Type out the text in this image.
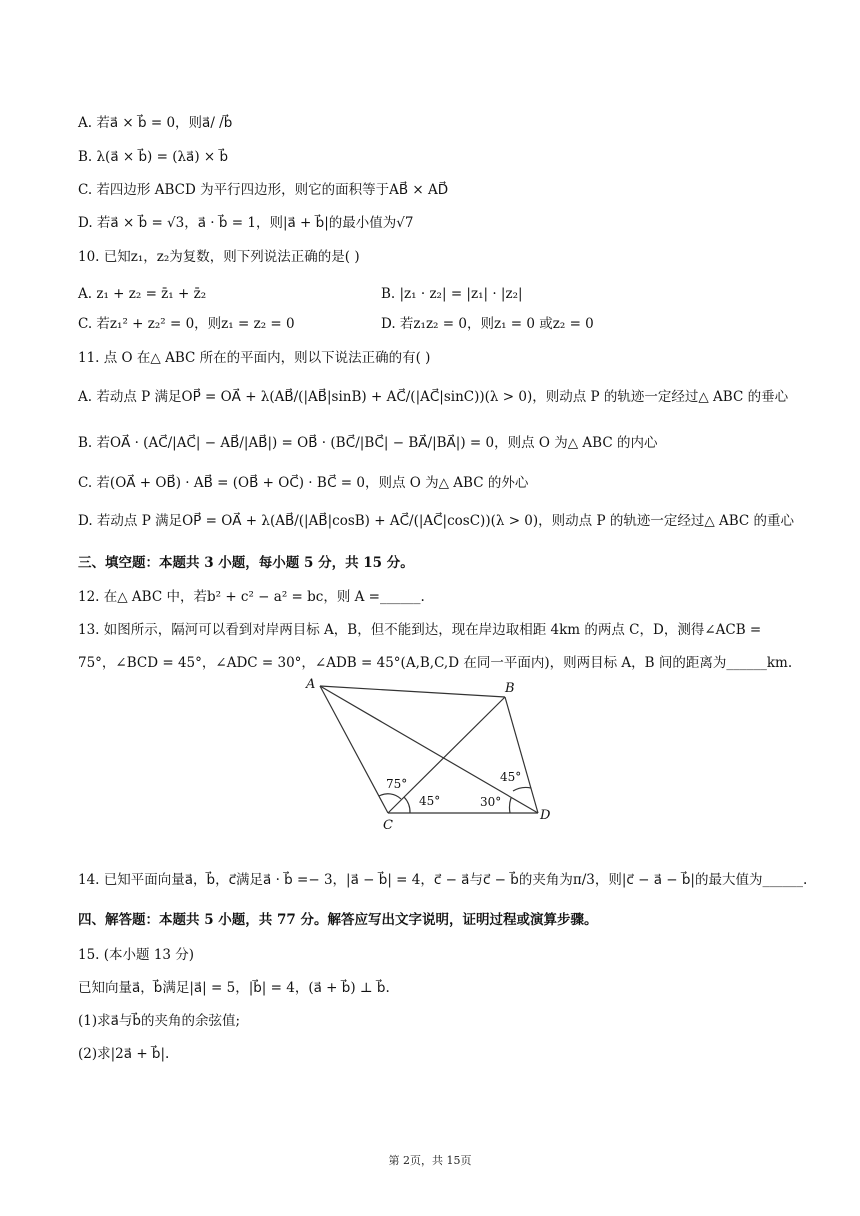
A. 若a⃗ × b⃗ = 0，则a⃗/ /b⃗
B. λ(a⃗ × b⃗) = (λa⃗) × b⃗
C. 若四边形 ABCD 为平行四边形，则它的面积等于AB⃗ × AD⃗
D. 若a⃗ × b⃗ = √3，a⃗ · b⃗ = 1，则|a⃗ + b⃗|的最小值为√7
10. 已知z₁，z₂为复数，则下列说法正确的是( )
A. z₁ + z₂ = z̄₁ + z̄₂	B. |z₁ · z₂| = |z₁| · |z₂|
C. 若z₁² + z₂² = 0，则z₁ = z₂ = 0	D. 若z₁z₂ = 0，则z₁ = 0 或z₂ = 0
11. 点 O 在△ ABC 所在的平面内，则以下说法正确的有( )
A. 若动点 P 满足OP⃗ = OA⃗ + λ(AB⃗/(|AB⃗|sinB) + AC⃗/(|AC⃗|sinC))(λ > 0)，则动点 P 的轨迹一定经过△ ABC 的垂心
B. 若OA⃗ · (AC⃗/|AC⃗| − AB⃗/|AB⃗|) = OB⃗ · (BC⃗/|BC⃗| − BA⃗/|BA⃗|) = 0，则点 O 为△ ABC 的内心
C. 若(OA⃗ + OB⃗) · AB⃗ = (OB⃗ + OC⃗) · BC⃗ = 0，则点 O 为△ ABC 的外心
D. 若动点 P 满足OP⃗ = OA⃗ + λ(AB⃗/(|AB⃗|cosB) + AC⃗/(|AC⃗|cosC))(λ > 0)，则动点 P 的轨迹一定经过△ ABC 的重心
三、填空题：本题共 3 小题，每小题 5 分，共 15 分。
12. 在△ ABC 中，若b² + c² − a² = bc，则 A =______.
13. 如图所示，隔河可以看到对岸两目标 A，B，但不能到达，现在岸边取相距 4km 的两点 C，D，测得∠ACB =
75°，∠BCD = 45°，∠ADC = 30°，∠ADB = 45°(A,B,C,D 在同一平面内)，则两目标 A，B 间的距离为______km.
A	B
C
D
75°
45°	30°
45°
14. 已知平面向量a⃗，b⃗，c⃗满足a⃗ · b⃗ =− 3，|a⃗ − b⃗| = 4，c⃗ − a⃗与c⃗ − b⃗的夹角为π/3，则|c⃗ − a⃗ − b⃗|的最大值为______.
四、解答题：本题共 5 小题，共 77 分。解答应写出文字说明，证明过程或演算步骤。
15. (本小题 13 分)
已知向量a⃗，b⃗满足|a⃗| = 5，|b⃗| = 4，(a⃗ + b⃗) ⊥ b⃗.
(1)求a⃗与b⃗的夹角的余弦值;
(2)求|2a⃗ + b⃗|.
第 2页，共 15页
